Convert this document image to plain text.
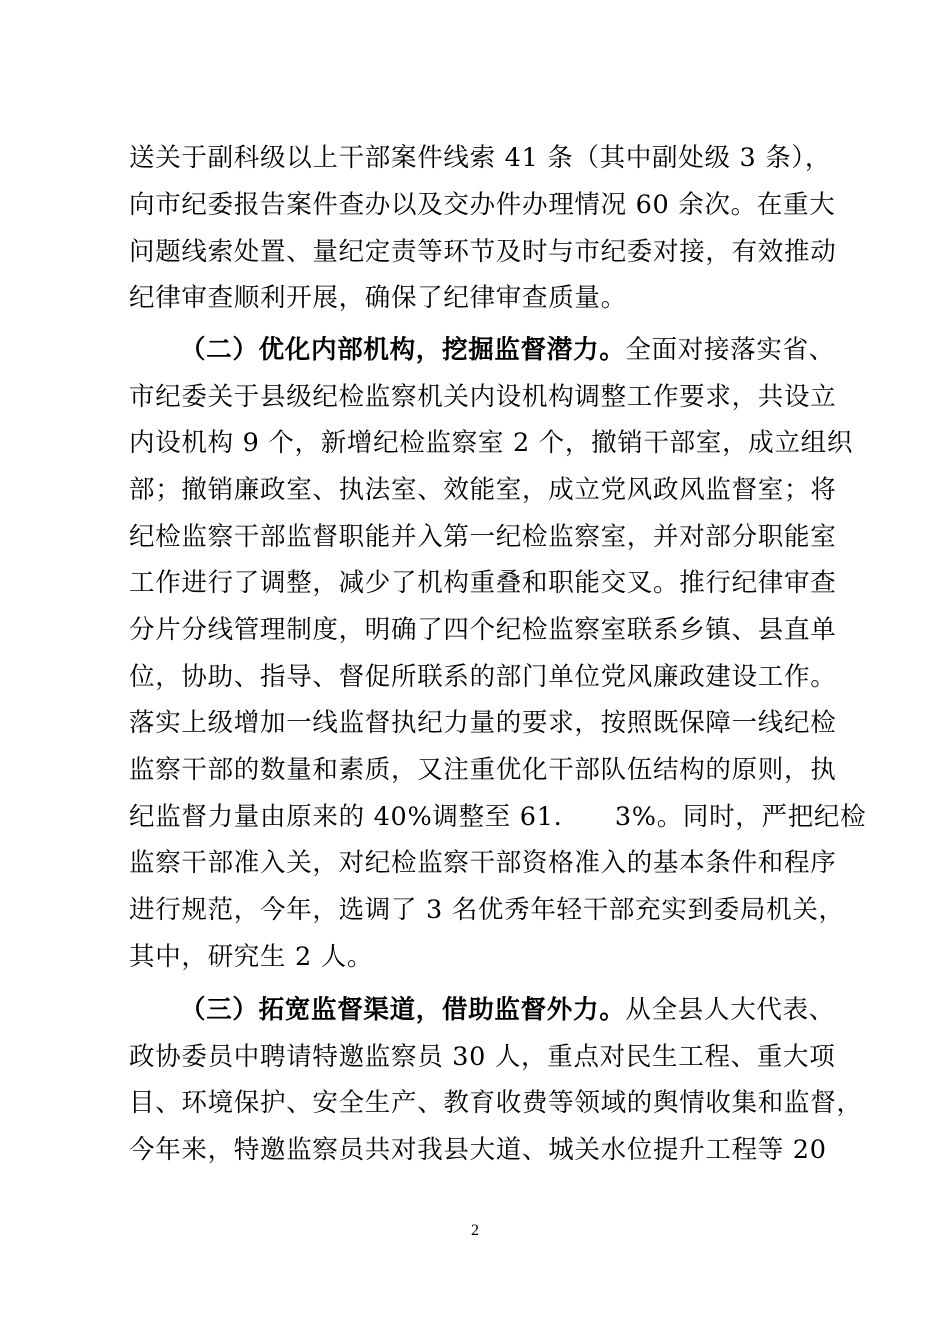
送关于副科级以上干部案件线索 41 条（其中副处级 3 条），
向市纪委报告案件查办以及交办件办理情况 60 余次。在重大
问题线索处置、量纪定责等环节及时与市纪委对接，有效推动
纪律审查顺利开展，确保了纪律审查质量。
（二）优化内部机构，挖掘监督潜力。全面对接落实省、
市纪委关于县级纪检监察机关内设机构调整工作要求，共设立
内设机构 9 个，新增纪检监察室 2 个，撤销干部室，成立组织
部；撤销廉政室、执法室、效能室，成立党风政风监督室；将
纪检监察干部监督职能并入第一纪检监察室，并对部分职能室
工作进行了调整，减少了机构重叠和职能交叉。推行纪律审查
分片分线管理制度，明确了四个纪检监察室联系乡镇、县直单
位，协助、指导、督促所联系的部门单位党风廉政建设工作。
落实上级增加一线监督执纪力量的要求，按照既保障一线纪检
监察干部的数量和素质，又注重优化干部队伍结构的原则，执
纪监督力量由原来的 40%调整至 61.　　3%。同时，严把纪检
监察干部准入关，对纪检监察干部资格准入的基本条件和程序
进行规范，今年，选调了 3 名优秀年轻干部充实到委局机关，
其中，研究生 2 人。
（三）拓宽监督渠道，借助监督外力。从全县人大代表、
政协委员中聘请特邀监察员 30 人，重点对民生工程、重大项
目、环境保护、安全生产、教育收费等领域的舆情收集和监督，
今年来，特邀监察员共对我县大道、城关水位提升工程等 20
2
